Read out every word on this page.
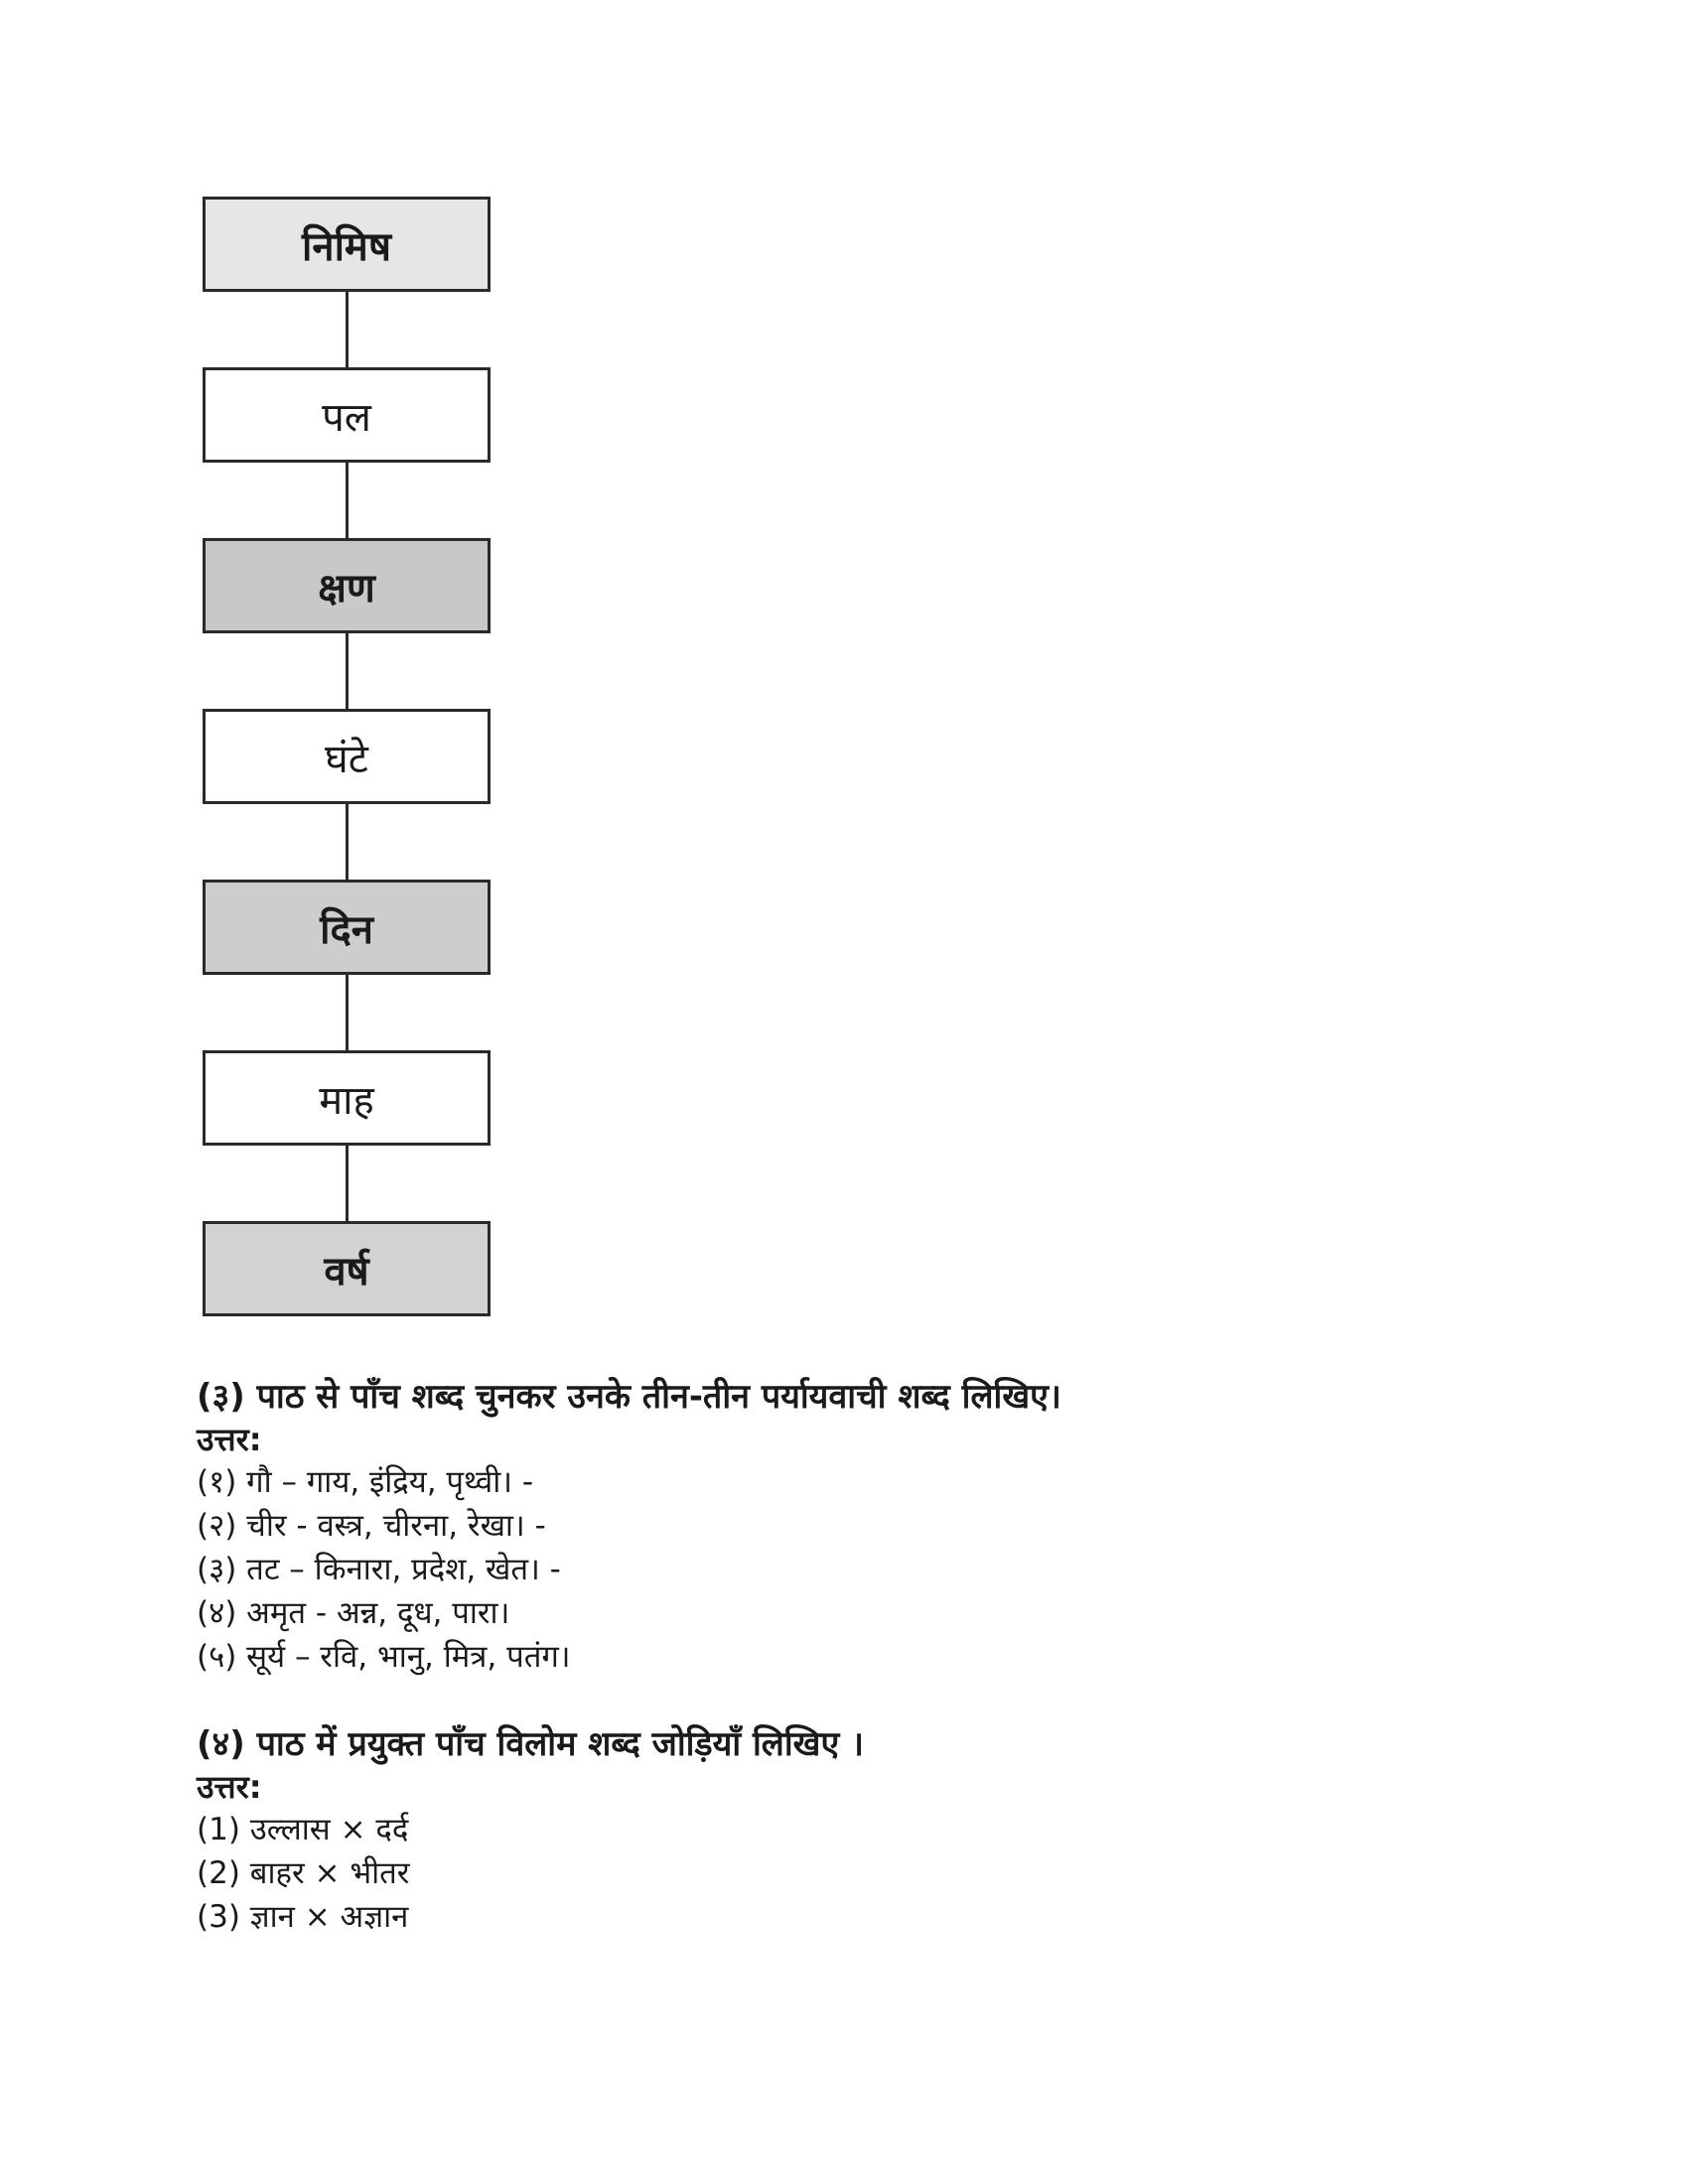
निमिष
पल
क्षण
घंटे
दिन
माह
वर्ष

(३) पाठ से पाँच शब्द चुनकर उनके तीन-तीन पर्यायवाची शब्द लिखिए।

उत्तर:

(१) गौ – गाय, इंद्रिय, पृथ्वी। -

(२) चीर - वस्त्र, चीरना, रेखा। -

(३) तट – किनारा, प्रदेश, खेत। -

(४) अमृत - अन्न, दूध, पारा।

(५) सूर्य – रवि, भानु, मित्र, पतंग।

(४) पाठ में प्रयुक्त पाँच विलोम शब्द जोड़ियाँ लिखिए ।

उत्तर:

(1) उल्लास × दर्द

(2) बाहर × भीतर

(3) ज्ञान × अज्ञान
